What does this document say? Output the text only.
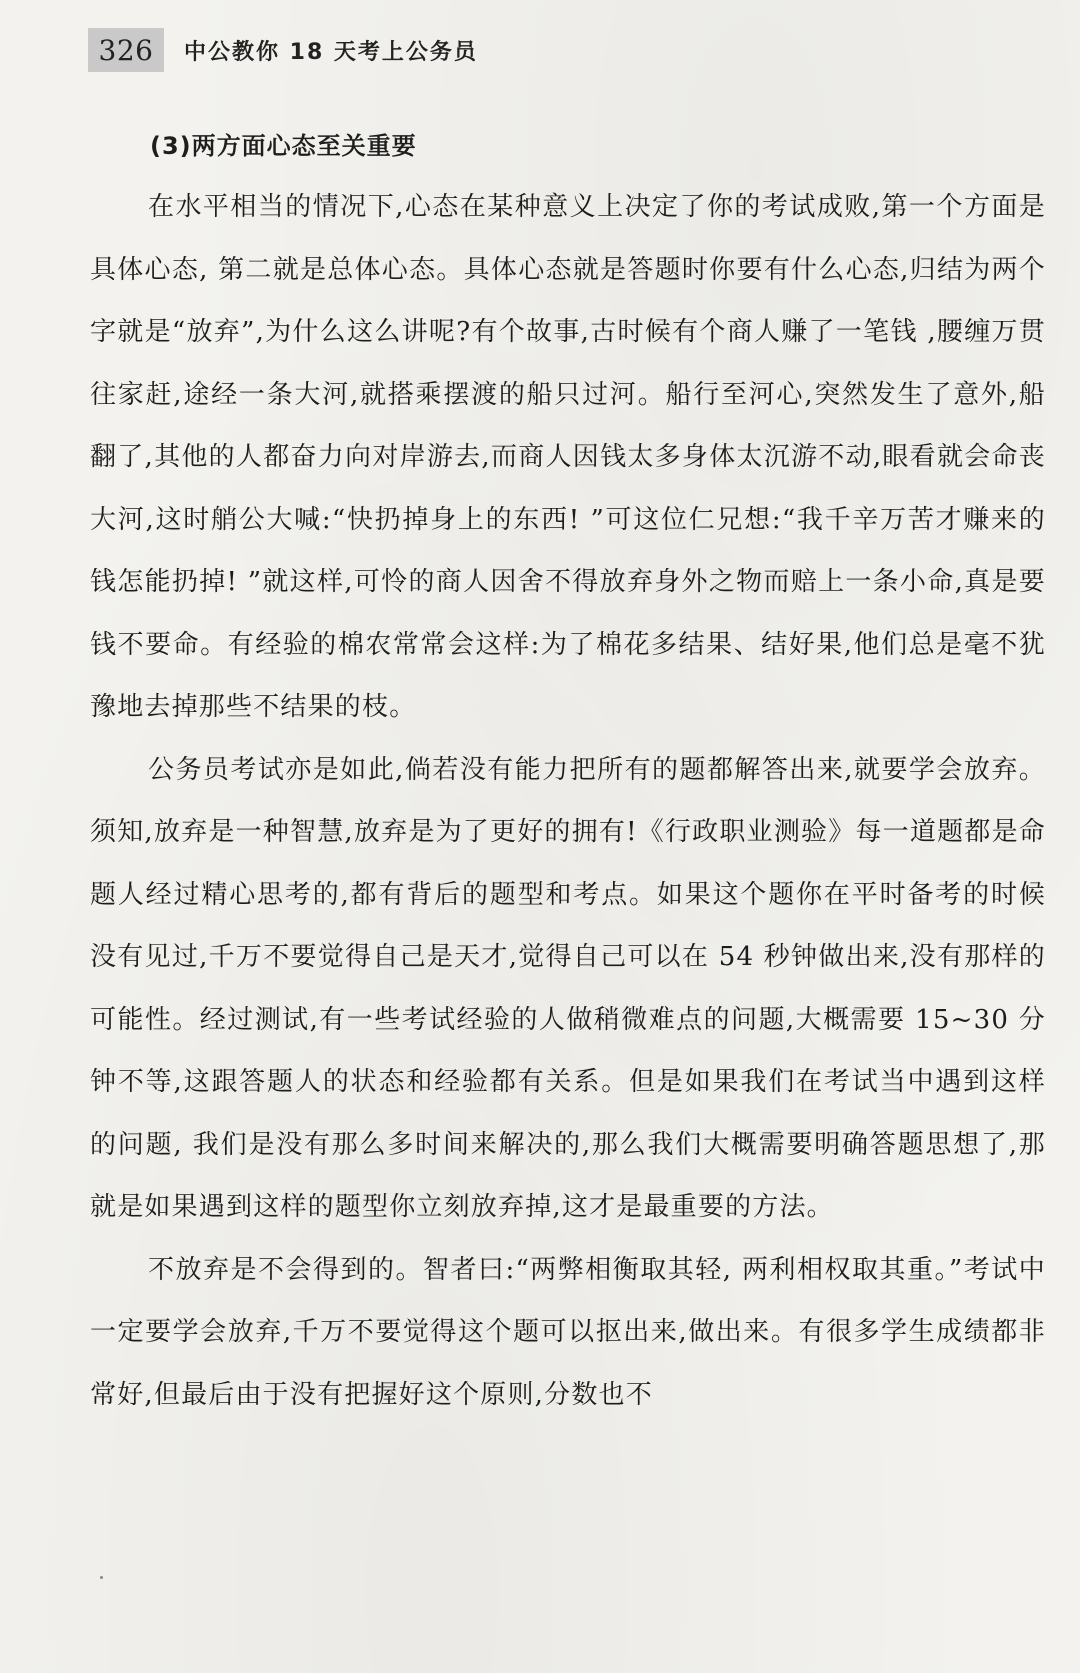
326	中公教你 18 天考上公务员
(3)两方面心态至关重要

在水平相当的情况下,心态在某种意义上决定了你的考试成败,第一个方面是具体心态, 第二就是总体心态。具体心态就是答题时你要有什么心态,归结为两个字就是“放弃”,为什么这么讲呢?有个故事,古时候有个商人赚了一笔钱 ,腰缠万贯往家赶,途经一条大河,就搭乘摆渡的船只过河。船行至河心,突然发生了意外,船翻了,其他的人都奋力向对岸游去,而商人因钱太多身体太沉游不动,眼看就会命丧大河,这时艄公大喊:“快扔掉身上的东西! ”可这位仁兄想:“我千辛万苦才赚来的钱怎能扔掉! ”就这样,可怜的商人因舍不得放弃身外之物而赔上一条小命,真是要钱不要命。有经验的棉农常常会这样:为了棉花多结果、结好果,他们总是毫不犹豫地去掉那些不结果的枝。

公务员考试亦是如此,倘若没有能力把所有的题都解答出来,就要学会放弃。须知,放弃是一种智慧,放弃是为了更好的拥有!《行政职业测验》每一道题都是命题人经过精心思考的,都有背后的题型和考点。如果这个题你在平时备考的时候没有见过,千万不要觉得自己是天才,觉得自己可以在 54 秒钟做出来,没有那样的可能性。经过测试,有一些考试经验的人做稍微难点的问题,大概需要 15~30 分钟不等,这跟答题人的状态和经验都有关系。但是如果我们在考试当中遇到这样的问题, 我们是没有那么多时间来解决的,那么我们大概需要明确答题思想了,那就是如果遇到这样的题型你立刻放弃掉,这才是最重要的方法。

不放弃是不会得到的。智者曰:“两弊相衡取其轻, 两利相权取其重。”考试中一定要学会放弃,千万不要觉得这个题可以抠出来,做出来。有很多学生成绩都非常好,但最后由于没有把握好这个原则,分数也不
